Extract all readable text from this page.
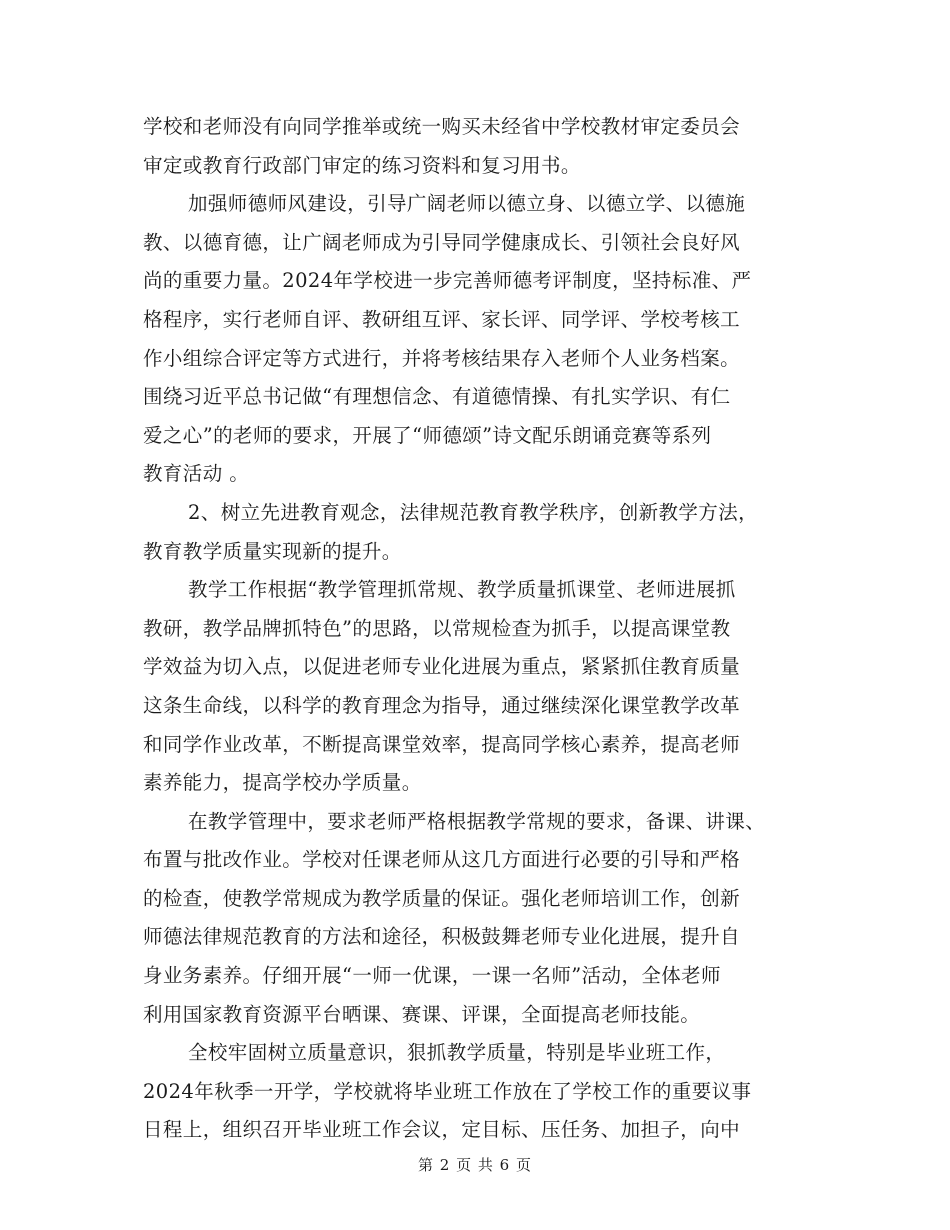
学校和老师没有向同学推举或统一购买未经省中学校教材审定委员会
审定或教育行政部门审定的练习资料和复习用书。
加强师德师风建设，引导广阔老师以德立身、以德立学、以德施
教、以德育德，让广阔老师成为引导同学健康成长、引领社会良好风
尚的重要力量。2024年学校进一步完善师德考评制度，坚持标准、严
格程序，实行老师自评、教研组互评、家长评、同学评、学校考核工
作小组综合评定等方式进行，并将考核结果存入老师个人业务档案。
围绕习近平总书记做“有理想信念、有道德情操、有扎实学识、有仁
爱之心”的老师的要求，开展了“师德颂”诗文配乐朗诵竞赛等系列
教育活动 。
2、树立先进教育观念，法律规范教育教学秩序，创新教学方法，
教育教学质量实现新的提升。
教学工作根据“教学管理抓常规、教学质量抓课堂、老师进展抓
教研，教学品牌抓特色”的思路，以常规检查为抓手，以提高课堂教
学效益为切入点，以促进老师专业化进展为重点，紧紧抓住教育质量
这条生命线，以科学的教育理念为指导，通过继续深化课堂教学改革
和同学作业改革，不断提高课堂效率，提高同学核心素养，提高老师
素养能力，提高学校办学质量。
在教学管理中，要求老师严格根据教学常规的要求，备课、讲课、
布置与批改作业。学校对任课老师从这几方面进行必要的引导和严格
的检查，使教学常规成为教学质量的保证。强化老师培训工作，创新
师德法律规范教育的方法和途径，积极鼓舞老师专业化进展，提升自
身业务素养。仔细开展“一师一优课，一课一名师”活动，全体老师
利用国家教育资源平台晒课、赛课、评课，全面提高老师技能。
全校牢固树立质量意识，狠抓教学质量，特别是毕业班工作，
2024年秋季一开学，学校就将毕业班工作放在了学校工作的重要议事
日程上，组织召开毕业班工作会议，定目标、压任务、加担子，向中
第 2 页 共 6 页
